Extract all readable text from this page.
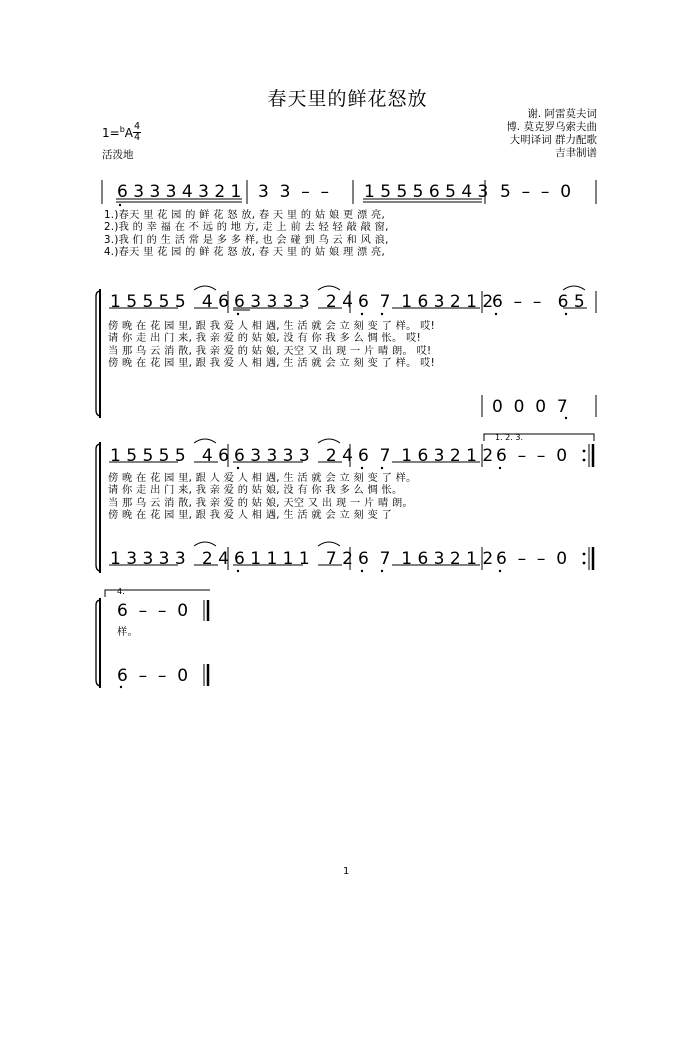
春天里的鲜花怒放
谢. 阿雷莫夫词
博. 莫克罗乌索夫曲
大明译词 群力配歌
吉聿制谱
1=$^b$A 4
4
活泼地
1.)春天 里 花 园 的 鲜 花 怒 放, 春 天 里 的 姑 娘 更 漂 亮,
2.)我 的 幸 福 在 不 远 的 地 方, 走 上 前 去 轻 轻 敲 敲 窗,
3.)我 们 的 生 活 常 是 多 多 样, 也 会 碰 到 乌 云 和 风 浪,
4.)春天 里 花 园 的 鲜 花 怒 放, 春 天 里 的 姑 娘 理 漂 亮,
傍 晚 在 花 园 里, 跟 我 爱 人 相 遇, 生 活 就 会 立 刻 变 了 样。 哎!
请 你 走 出 门 来, 我 亲 爱 的 姑 娘, 没 有 你 我 多 么 惆 怅。 哎!
当 那 乌 云 消 散, 我 亲 爱 的 姑 娘, 天空 又 出 现 一 片 晴 朗。 哎!
傍 晚 在 花 园 里, 跟 我 爱 人 相 遇, 生 活 就 会 立 刻 变 了 样。 哎!
傍 晚 在 花 园 里, 跟 人 爱 人 相 遇, 生 活 就 会 立 刻 变 了 样。
请 你 走 出 门 来, 我 亲 爱 的 姑 娘, 没 有 你 我 多 么 惆 怅。
当 那 乌 云 消 散, 我 亲 爱 的 姑 娘, 天空 又 出 现 一 片 晴 朗。
傍 晚 在 花 园 里, 跟 我 爱 人 相 遇, 生 活 就 会 立 刻 变 了
样。
1
6 3 3 3 4 3 2 1 3  3  –  – 1 5 5 5 6 5 4 3 5  –  –  0
1 5 5 5 5   4 6 6 3 3 3 3   2 4 6  7  1 6 3 2 1 2
6  –  –   6 5
0  0  0  7
1 5 5 5 5   4 6 6 3 3 3 3   2 4 6  7  1 6 3 2 1 2 6  –  –  0
1 3 3 3 3   2 4 6 1 1 1 1   7 2 6  7  1 6 3 2 1 2 6  –  –  0
6  –  –  0
6  –  –  0
1. 2. 3.
4.
